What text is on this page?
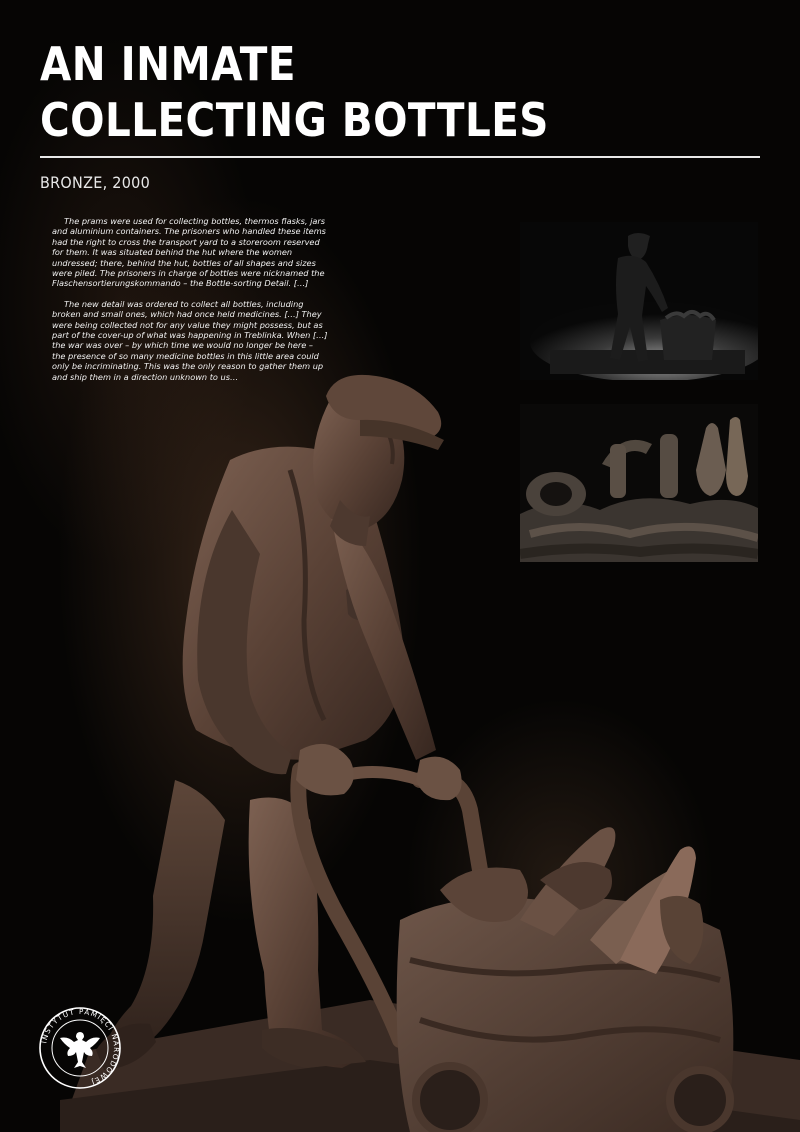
AN INMATE
COLLECTING BOTTLES
BRONZE, 2000

The prams were used for collecting bottles, thermos flasks, jars and aluminium containers. The prisoners who handled these items had the right to cross the transport yard to a storeroom reserved for them. It was situated behind the hut where the women undressed; there, behind the hut, bottles of all shapes and sizes were piled. The prisoners in charge of bottles were nicknamed the Flaschensortierungskommando – the Bottle-sorting Detail. […]

The new detail was ordered to collect all bottles, including broken and small ones, which had once held medicines. […] They were being collected not for any value they might possess, but as part of the cover-up of what was happening in Treblinka. When […] the war was over – by which time we would no longer be here – the presence of so many medicine bottles in this little area could only be incriminating. This was the only reason to gather them up and ship them in a direction unknown to us…

INSTYTUT PAMIĘCI NARODOWEJ
